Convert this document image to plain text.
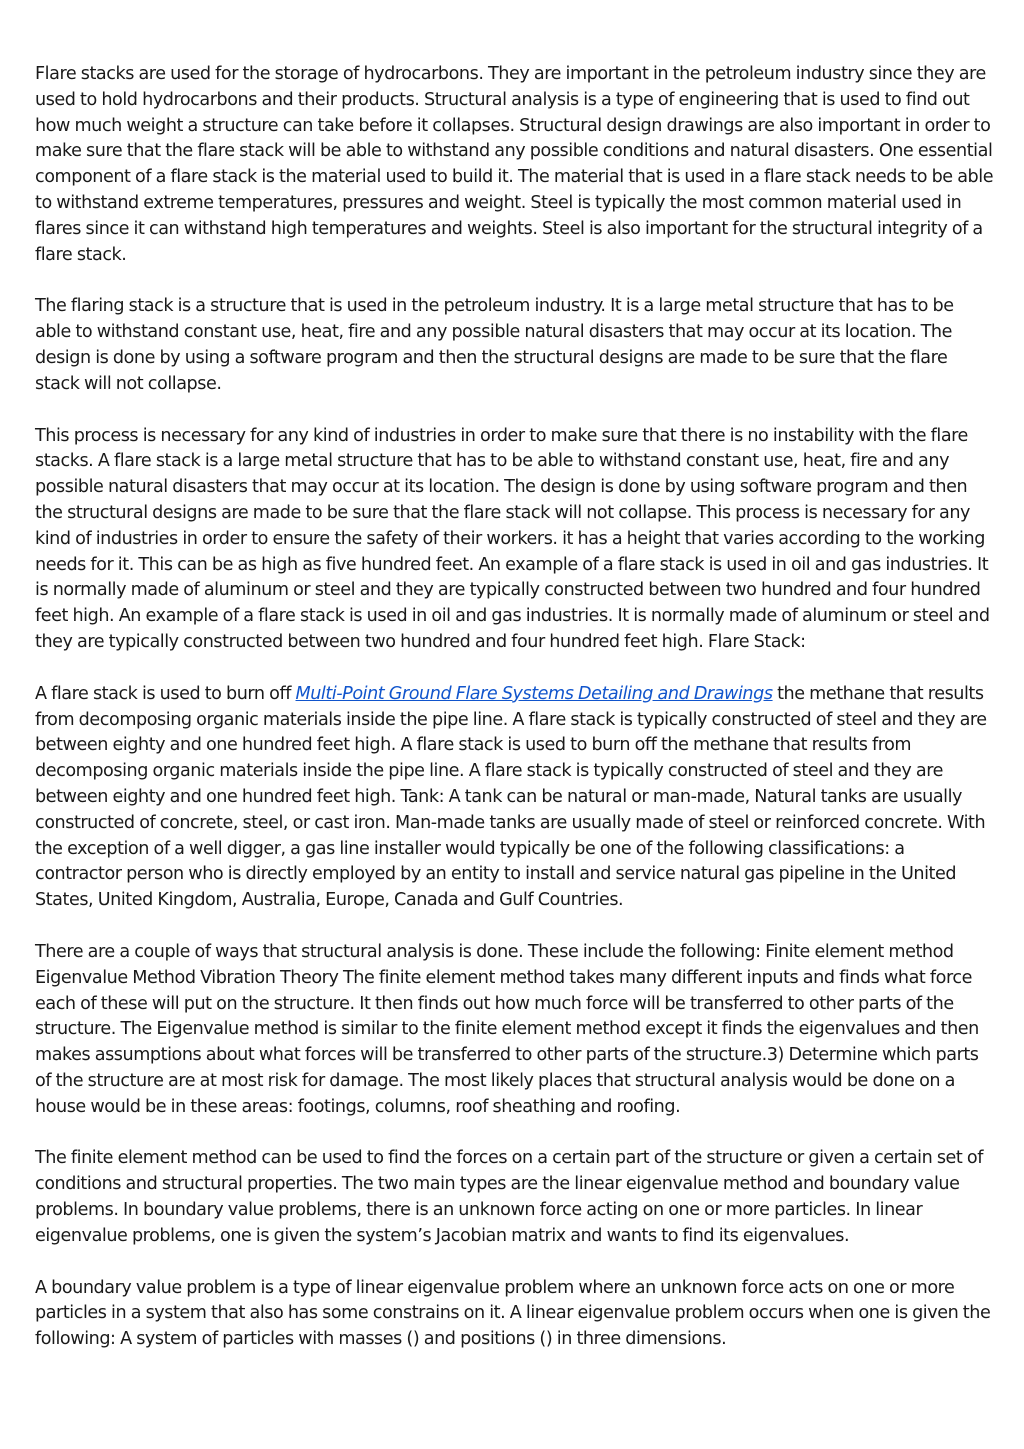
Flare stacks are used for the storage of hydrocarbons. They are important in the petroleum industry since they are used to hold hydrocarbons and their products. Structural analysis is a type of engineering that is used to find out how much weight a structure can take before it collapses. Structural design drawings are also important in order to make sure that the flare stack will be able to withstand any possible conditions and natural disasters. One essential component of a flare stack is the material used to build it. The material that is used in a flare stack needs to be able to withstand extreme temperatures, pressures and weight. Steel is typically the most common material used in flares since it can withstand high temperatures and weights. Steel is also important for the structural integrity of a flare stack.

The flaring stack is a structure that is used in the petroleum industry. It is a large metal structure that has to be able to withstand constant use, heat, fire and any possible natural disasters that may occur at its location. The design is done by using a software program and then the structural designs are made to be sure that the flare stack will not collapse.

This process is necessary for any kind of industries in order to make sure that there is no instability with the flare stacks. A flare stack is a large metal structure that has to be able to withstand constant use, heat, fire and any possible natural disasters that may occur at its location. The design is done by using software program and then the structural designs are made to be sure that the flare stack will not collapse. This process is necessary for any kind of industries in order to ensure the safety of their workers. it has a height that varies according to the working needs for it. This can be as high as five hundred feet. An example of a flare stack is used in oil and gas industries. It is normally made of aluminum or steel and they are typically constructed between two hundred and four hundred feet high. An example of a flare stack is used in oil and gas industries. It is normally made of aluminum or steel and they are typically constructed between two hundred and four hundred feet high. Flare Stack:

A flare stack is used to burn off Multi-Point Ground Flare Systems Detailing and Drawings the methane that results from decomposing organic materials inside the pipe line. A flare stack is typically constructed of steel and they are between eighty and one hundred feet high. A flare stack is used to burn off the methane that results from decomposing organic materials inside the pipe line. A flare stack is typically constructed of steel and they are between eighty and one hundred feet high. Tank: A tank can be natural or man-made, Natural tanks are usually constructed of concrete, steel, or cast iron. Man-made tanks are usually made of steel or reinforced concrete. With the exception of a well digger, a gas line installer would typically be one of the following classifications: a contractor person who is directly employed by an entity to install and service natural gas pipeline in the United States, United Kingdom, Australia, Europe, Canada and Gulf Countries.

There are a couple of ways that structural analysis is done. These include the following: Finite element method Eigenvalue Method Vibration Theory The finite element method takes many different inputs and finds what force each of these will put on the structure. It then finds out how much force will be transferred to other parts of the structure. The Eigenvalue method is similar to the finite element method except it finds the eigenvalues and then makes assumptions about what forces will be transferred to other parts of the structure.3) Determine which parts of the structure are at most risk for damage. The most likely places that structural analysis would be done on a house would be in these areas: footings, columns, roof sheathing and roofing.

The finite element method can be used to find the forces on a certain part of the structure or given a certain set of conditions and structural properties. The two main types are the linear eigenvalue method and boundary value problems. In boundary value problems, there is an unknown force acting on one or more particles. In linear eigenvalue problems, one is given the system’s Jacobian matrix and wants to find its eigenvalues.

A boundary value problem is a type of linear eigenvalue problem where an unknown force acts on one or more particles in a system that also has some constrains on it. A linear eigenvalue problem occurs when one is given the following: A system of particles with masses () and positions () in three dimensions.
